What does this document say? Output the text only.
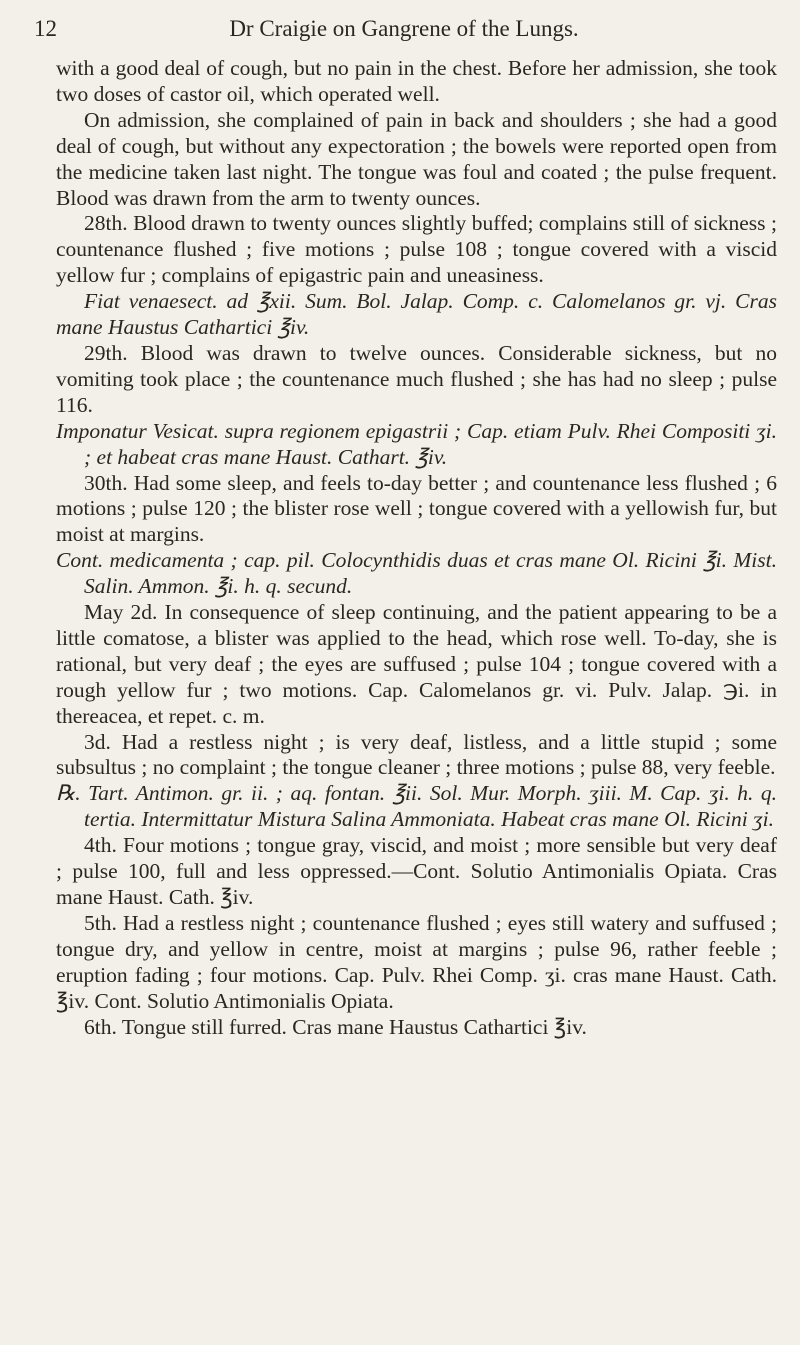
12	Dr Craigie on Gangrene of the Lungs.

with a good deal of cough, but no pain in the chest. Before her admission, she took two doses of castor oil, which operated well.

On admission, she complained of pain in back and shoulders ; she had a good deal of cough, but without any expectoration ; the bowels were reported open from the medicine taken last night. The tongue was foul and coated ; the pulse frequent. Blood was drawn from the arm to twenty ounces.

28th. Blood drawn to twenty ounces slightly buffed; complains still of sickness ; countenance flushed ; five motions ; pulse 108 ; tongue covered with a viscid yellow fur ; complains of epigastric pain and uneasiness.

Fiat venaesect. ad ℥xii. Sum. Bol. Jalap. Comp. c. Calomelanos gr. vj. Cras mane Haustus Cathartici ℥iv.

29th. Blood was drawn to twelve ounces. Considerable sickness, but no vomiting took place ; the countenance much flushed ; she has had no sleep ; pulse 116.

Imponatur Vesicat. supra regionem epigastrii ; Cap. etiam Pulv. Rhei Compositi ʒi. ; et habeat cras mane Haust. Cathart. ℥iv.

30th. Had some sleep, and feels to-day better ; and countenance less flushed ; 6 motions ; pulse 120 ; the blister rose well ; tongue covered with a yellowish fur, but moist at margins.

Cont. medicamenta ; cap. pil. Colocynthidis duas et cras mane Ol. Ricini ℥i. Mist. Salin. Ammon. ℥i. h. q. secund.

May 2d. In consequence of sleep continuing, and the patient appearing to be a little comatose, a blister was applied to the head, which rose well. To-day, she is rational, but very deaf ; the eyes are suffused ; pulse 104 ; tongue covered with a rough yellow fur ; two motions. Cap. Calomelanos gr. vi. Pulv. Jalap. ℈i. in thereacea, et repet. c. m.

3d. Had a restless night ; is very deaf, listless, and a little stupid ; some subsultus ; no complaint ; the tongue cleaner ; three motions ; pulse 88, very feeble.

℞. Tart. Antimon. gr. ii. ; aq. fontan. ℥ii. Sol. Mur. Morph. ʒiii. M. Cap. ʒi. h. q. tertia. Intermittatur Mistura Salina Ammoniata. Habeat cras mane Ol. Ricini ʒi.

4th. Four motions ; tongue gray, viscid, and moist ; more sensible but very deaf ; pulse 100, full and less oppressed.—Cont. Solutio Antimonialis Opiata. Cras mane Haust. Cath. ℥iv.

5th. Had a restless night ; countenance flushed ; eyes still watery and suffused ; tongue dry, and yellow in centre, moist at margins ; pulse 96, rather feeble ; eruption fading ; four motions. Cap. Pulv. Rhei Comp. ʒi. cras mane Haust. Cath. ℥iv. Cont. Solutio Antimonialis Opiata.

6th. Tongue still furred. Cras mane Haustus Cathartici ℥iv.
